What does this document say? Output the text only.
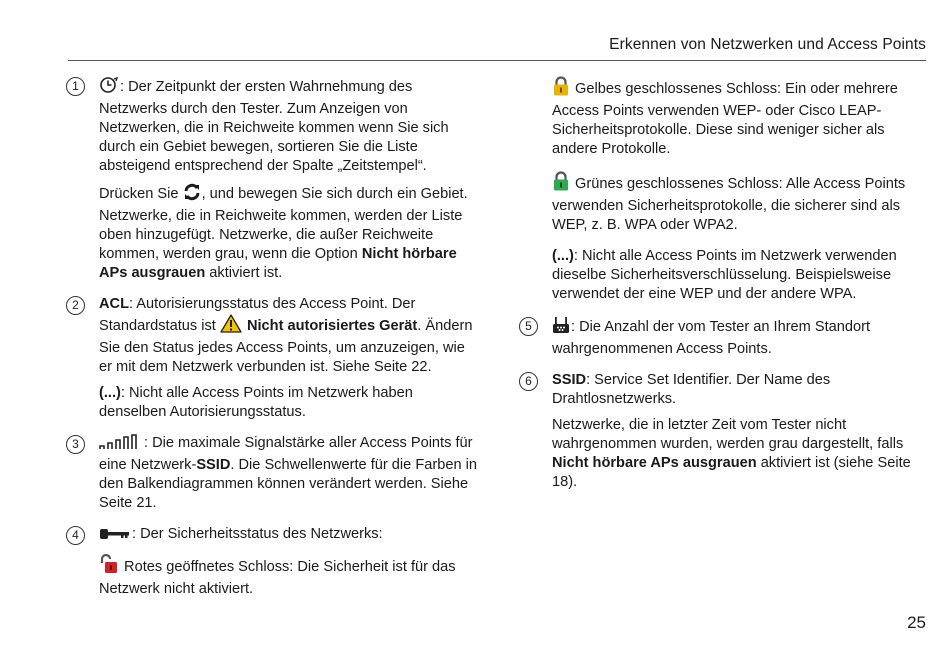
Erkennen von Netzwerken und Access Points
1	: Der Zeitpunkt der ersten Wahrnehmung des Netzwerks durch den Tester. Zum Anzeigen von Netzwerken, die in Reichweite kommen wenn Sie sich durch ein Gebiet bewegen, sortieren Sie die Liste absteigend entsprechend der Spalte „Zeitstempel“.

Drücken Sie , und bewegen Sie sich durch ein Gebiet. Netzwerke, die in Reichweite kommen, werden der Liste oben hinzugefügt. Netzwerke, die außer Reichweite kommen, werden grau, wenn die Option Nicht hörbare APs ausgrauen aktiviert ist.

2	ACL: Autorisierungsstatus des Access Point. Der Standardstatus ist Nicht autorisiertes Gerät. Ändern Sie den Status jedes Access Points, um anzuzeigen, wie er mit dem Netzwerk verbunden ist. Siehe Seite 22.

(...): Nicht alle Access Points im Netzwerk haben denselben Autorisierungsstatus.

3	: Die maximale Signalstärke aller Access Points für eine Netzwerk-SSID. Die Schwellenwerte für die Farben in den Balkendiagrammen können verändert werden. Siehe Seite 21.

4	: Der Sicherheitsstatus des Netzwerks:

Rotes geöffnetes Schloss: Die Sicherheit ist für das Netzwerk nicht aktiviert.

Gelbes geschlossenes Schloss: Ein oder mehrere Access Points verwenden WEP- oder Cisco LEAP-Sicherheitsprotokolle. Diese sind weniger sicher als andere Protokolle.

Grünes geschlossenes Schloss: Alle Access Points verwenden Sicherheitsprotokolle, die sicherer sind als WEP, z. B. WPA oder WPA2.

(...): Nicht alle Access Points im Netzwerk verwenden dieselbe Sicherheitsverschlüsselung. Beispielsweise verwendet der eine WEP und der andere WPA.

5	: Die Anzahl der vom Tester an Ihrem Standort wahrgenommenen Access Points.

6	SSID: Service Set Identifier. Der Name des Drahtlosnetzwerks.

Netzwerke, die in letzter Zeit vom Tester nicht wahrgenommen wurden, werden grau dargestellt, falls Nicht hörbare APs ausgrauen aktiviert ist (siehe Seite 18).

25
